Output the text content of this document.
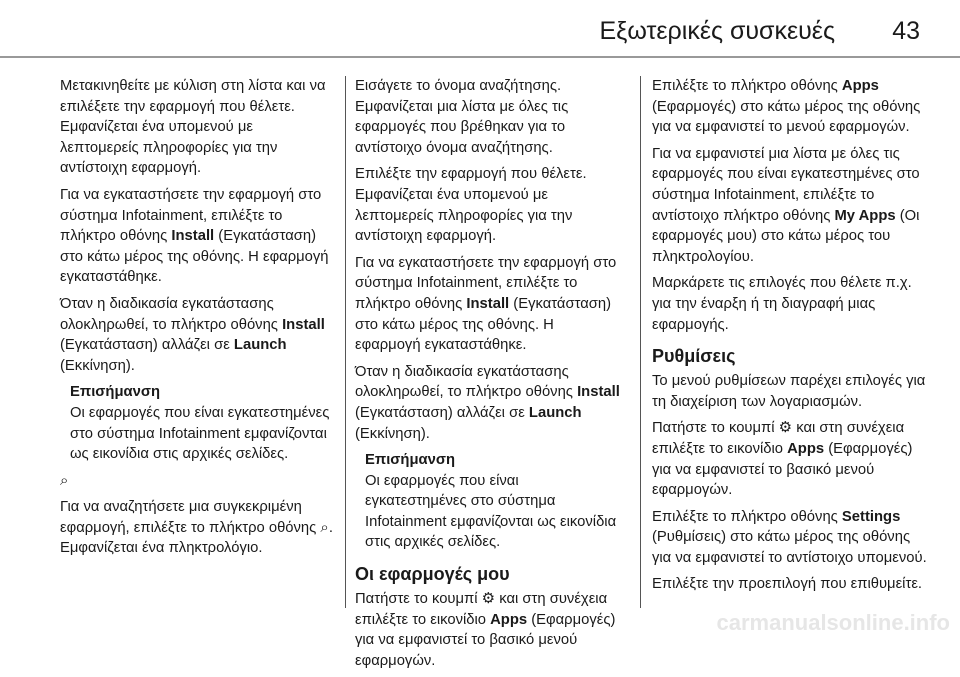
Εξωτερικές συσκευές 43

Μετακινηθείτε με κύλιση στη λίστα και να επιλέξετε την εφαρμογή που θέλετε. Εμφανίζεται ένα υπομενού με λεπτομερείς πληροφορίες για την αντίστοιχη εφαρμογή.

Για να εγκαταστήσετε την εφαρμογή στο σύστημα Infotainment, επιλέξτε το πλήκτρο οθόνης Install (Εγκατάσταση) στο κάτω μέρος της οθόνης. Η εφαρμογή εγκαταστάθηκε.

Όταν η διαδικασία εγκατάστασης ολοκληρωθεί, το πλήκτρο οθόνης Install (Εγκατάσταση) αλλάζει σε Launch (Εκκίνηση).

Επισήμανση
Οι εφαρμογές που είναι εγκατεστημένες στο σύστημα Infotainment εμφανίζονται ως εικονίδια στις αρχικές σελίδες.

⌕

Για να αναζητήσετε μια συγκεκριμένη εφαρμογή, επιλέξτε το πλήκτρο οθόνης ⌕. Εμφανίζεται ένα πληκτρολόγιο.

Εισάγετε το όνομα αναζήτησης. Εμφανίζεται μια λίστα με όλες τις εφαρμογές που βρέθηκαν για το αντίστοιχο όνομα αναζήτησης.

Επιλέξτε την εφαρμογή που θέλετε. Εμφανίζεται ένα υπομενού με λεπτομερείς πληροφορίες για την αντίστοιχη εφαρμογή.

Για να εγκαταστήσετε την εφαρμογή στο σύστημα Infotainment, επιλέξτε το πλήκτρο οθόνης Install (Εγκατάσταση) στο κάτω μέρος της οθόνης. Η εφαρμογή εγκαταστάθηκε.

Όταν η διαδικασία εγκατάστασης ολοκληρωθεί, το πλήκτρο οθόνης Install (Εγκατάσταση) αλλάζει σε Launch (Εκκίνηση).

Επισήμανση
Οι εφαρμογές που είναι εγκατεστημένες στο σύστημα Infotainment εμφανίζονται ως εικονίδια στις αρχικές σελίδες.
Οι εφαρμογές μου

Πατήστε το κουμπί ⚙ και στη συνέχεια επιλέξτε το εικονίδιο Apps (Εφαρμογές) για να εμφανιστεί το βασικό μενού εφαρμογών.

Επιλέξτε το πλήκτρο οθόνης Apps (Εφαρμογές) στο κάτω μέρος της οθόνης για να εμφανιστεί το μενού εφαρμογών.

Για να εμφανιστεί μια λίστα με όλες τις εφαρμογές που είναι εγκατεστημένες στο σύστημα Infotainment, επιλέξτε το αντίστοιχο πλήκτρο οθόνης My Apps (Οι εφαρμογές μου) στο κάτω μέρος του πληκτρολογίου.

Μαρκάρετε τις επιλογές που θέλετε π.χ. για την έναρξη ή τη διαγραφή μιας εφαρμογής.

Ρυθμίσεις

Το μενού ρυθμίσεων παρέχει επιλογές για τη διαχείριση των λογαριασμών.

Πατήστε το κουμπί ⚙ και στη συνέχεια επιλέξτε το εικονίδιο Apps (Εφαρμογές) για να εμφανιστεί το βασικό μενού εφαρμογών.

Επιλέξτε το πλήκτρο οθόνης Settings (Ρυθμίσεις) στο κάτω μέρος της οθόνης για να εμφανιστεί το αντίστοιχο υπομενού.

Επιλέξτε την προεπιλογή που επιθυμείτε.

carmanualsonline.info
